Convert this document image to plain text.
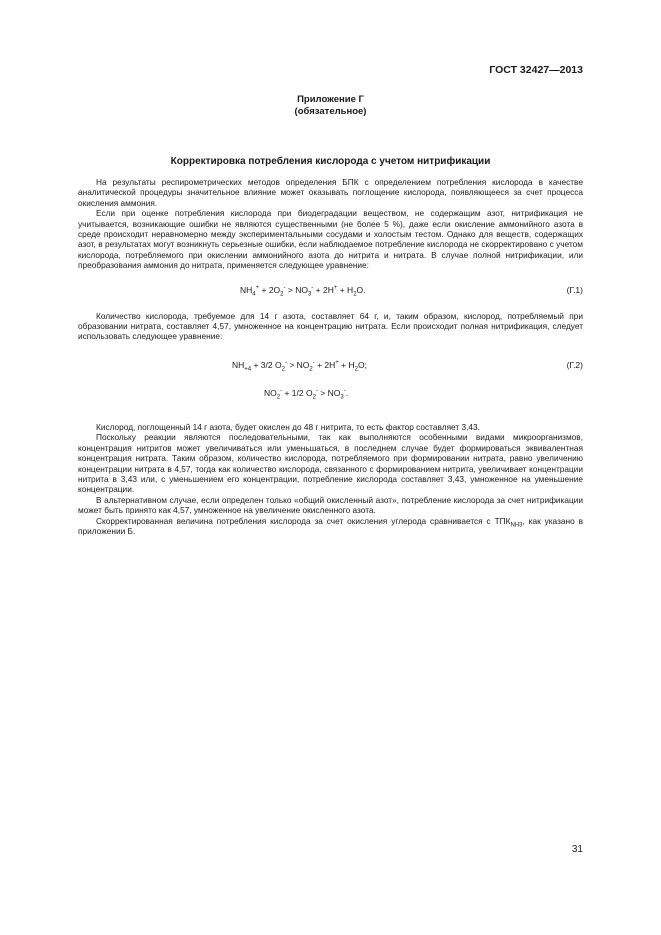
ГОСТ 32427—2013
Приложение Г
(обязательное)
Корректировка потребления кислорода с учетом нитрификации

На результаты респирометрических методов определения БПК с определением потребления кислорода в качестве аналитической процедуры значительное влияние может оказывать поглощение кислорода, появляющееся за счет процесса окисления аммония.

Если при оценке потребления кислорода при биодеградации веществом, не содержащим азот, нитрификация не учитывается, возникающие ошибки не являются существенными (не более 5 %), даже если окисление аммонийного азота в среде происходит неравномерно между экспериментальными сосудами и холостым тестом. Однако для веществ, содержащих азот, в результатах могут возникнуть серьезные ошибки, если наблюдаемое потребление кислорода не скорректировано с учетом кислорода, потребляемого при окислении аммонийного азота до нитрита и нитрата. В случае полной нитрификации, или преобразования аммония до нитрата, применяется следующее уравнение:

$NH_4^+ + 2O_2^- > NO_3^- + 2H^+ + H_2O$.	(Г.1)

Количество кислорода, требуемое для 14 г азота, составляет 64 г, и, таким образом, кислород, потребляемый при образовании нитрата, составляет 4,57, умноженное на концентрацию нитрата. Если происходит полная нитрификация, следует использовать следующее уравнение:

$NH_{+4} + 3/2$ $O_2^- > NO_2^- + 2H^+ + H_2O$;	(Г.2)
$NO_2^- + 1/2$ $O_2^- > NO_3^-$.

Кислород, поглощенный 14 г азота, будет окислен до 48 г нитрита, то есть фактор составляет 3,43.

Поскольку реакции являются последовательными, так как выполняются особенными видами микроорганизмов, концентрация нитритов может увеличиваться или уменьшаться, в последнем случае будет формироваться эквивалентная концентрация нитрата. Таким образом, количество кислорода, потребляемого при формировании нитрата, равно увеличению концентрации нитрата в 4,57, тогда как количество кислорода, связанного с формированием нитрита, увеличивает концентрации нитрита в 3,43 или, с уменьшением его концентрации, потребление кислорода составляет 3,43, умноженное на уменьшение концентрации.

В альтернативном случае, если определен только «общий окисленный азот», потребление кислорода за счет нитрификации может быть принято как 4,57, умноженное на увеличение окисленного азота.

Скорректированная величина потребления кислорода за счет окисления углерода сравнивается с $ТПК_{NH3}$, как указано в приложении Б.

31
